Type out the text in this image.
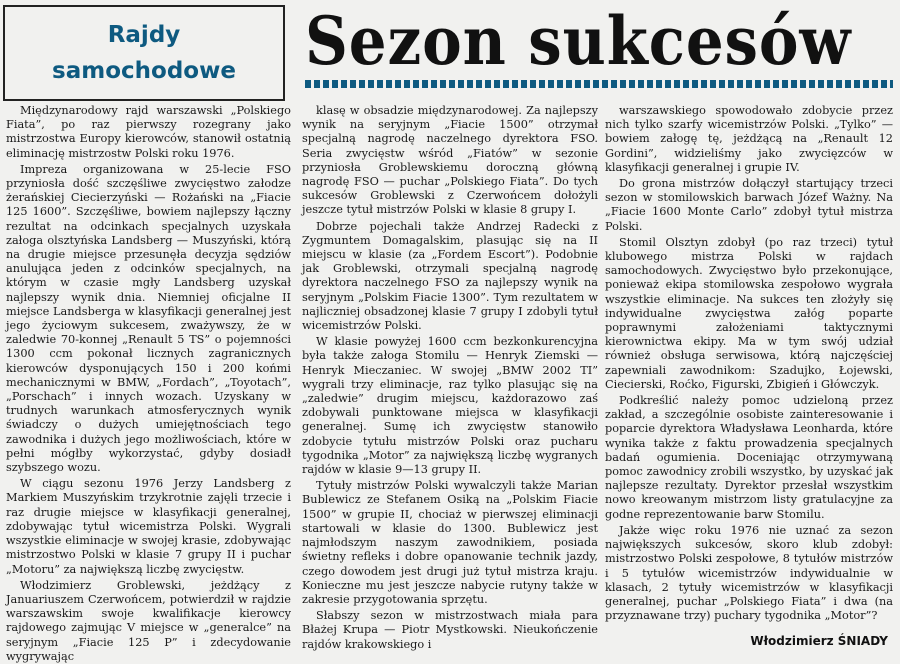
Rajdy
samochodowe Sezon sukcesów

Międzynarodowy rajd warszawski „Polskiego Fiata”, po raz pierwszy rozegrany jako mistrzostwa Europy kierowców, stanowił ostatnią eliminację mistrzostw Polski roku 1976.

Impreza organizowana w 25-lecie FSO przyniosła dość szczęśliwe zwycięstwo załodze żerańskiej Ciecierzyński — Rożański na „Fiacie 125 1600”. Szczęśliwe, bowiem najlepszy łączny rezultat na odcinkach specjalnych uzyskała załoga olsztyńska Landsberg — Muszyński, którą na drugie miejsce przesunęła decyzja sędziów anulująca jeden z odcinków specjalnych, na którym w czasie mgły Landsberg uzyskał najlepszy wynik dnia. Niemniej oficjalne II miejsce Landsberga w klasyfikacji generalnej jest jego życiowym sukcesem, zważywszy, że w zaledwie 70-konnej „Renault 5 TS” o pojemności 1300 ccm pokonał licznych zagranicznych kierowców dysponujących 150 i 200 końmi mechanicznymi w BMW, „Fordach”, „Toyotach”, „Porschach” i innych wozach. Uzyskany w trudnych warunkach atmosferycznych wynik świadczy o dużych umiejętnościach tego zawodnika i dużych jego możliwościach, które w pełni mógłby wykorzystać, gdyby dosiadł szybszego wozu.

W ciągu sezonu 1976 Jerzy Landsberg z Markiem Muszyńskim trzykrotnie zajęli trzecie i raz drugie miejsce w klasyfikacji generalnej, zdobywając tytuł wicemistrza Polski. Wygrali wszystkie eliminacje w swojej krasie, zdobywając mistrzostwo Polski w klasie 7 grupy II i puchar „Motoru” za największą liczbę zwycięstw.

Włodzimierz Groblewski, jeżdżący z Januariuszem Czerwońcem, potwierdził w rajdzie warszawskim swoje kwalifikacje kierowcy rajdowego zajmując V miejsce w „generalce” na seryjnym „Fiacie 125 P” i zdecydowanie wygrywając

klasę w obsadzie międzynarodowej. Za najlepszy wynik na seryjnym „Fiacie 1500” otrzymał specjalną nagrodę naczelnego dyrektora FSO. Seria zwycięstw wśród „Fiatów” w sezonie przyniosła Groblewskiemu doroczną główną nagrodę FSO — puchar „Polskiego Fiata”. Do tych sukcesów Groblewski z Czerwońcem dołożyli jeszcze tytuł mistrzów Polski w klasie 8 grupy I.

Dobrze pojechali także Andrzej Radecki z Zygmuntem Domagalskim, plasując się na II miejscu w klasie (za „Fordem Escort”). Podobnie jak Groblewski, otrzymali specjalną nagrodę dyrektora naczelnego FSO za najlepszy wynik na seryjnym „Polskim Fiacie 1300”. Tym rezultatem w najliczniej obsadzonej klasie 7 grupy I zdobyli tytuł wicemistrzów Polski.

W klasie powyżej 1600 ccm bezkonkurencyjna była także załoga Stomilu — Henryk Ziemski — Henryk Mieczaniec. W swojej „BMW 2002 TI” wygrali trzy eliminacje, raz tylko plasując się na „zaledwie” drugim miejscu, każdorazowo zaś zdobywali punktowane miejsca w klasyfikacji generalnej. Sumę ich zwycięstw stanowiło zdobycie tytułu mistrzów Polski oraz pucharu tygodnika „Motor” za największą liczbę wygranych rajdów w klasie 9—13 grupy II.

Tytuły mistrzów Polski wywalczyli także Marian Bublewicz ze Stefanem Osiką na „Polskim Fiacie 1500” w grupie II, chociaż w pierwszej eliminacji startowali w klasie do 1300. Bublewicz jest najmłodszym naszym zawodnikiem, posiada świetny refleks i dobre opanowanie technik jazdy, czego dowodem jest drugi już tytuł mistrza kraju. Konieczne mu jest jeszcze nabycie rutyny także w zakresie przygotowania sprzętu.

Słabszy sezon w mistrzostwach miała para Błażej Krupa — Piotr Mystkowski. Nieukończenie rajdów krakowskiego i

warszawskiego spowodowało zdobycie przez nich tylko szarfy wicemistrzów Polski. „Tylko” — bowiem załogę tę, jeżdżącą na „Renault 12 Gordini”, widzieliśmy jako zwycięzców w klasyfikacji generalnej i grupie IV.

Do grona mistrzów dołączył startujący trzeci sezon w stomilowskich barwach Józef Ważny. Na „Fiacie 1600 Monte Carlo” zdobył tytuł mistrza Polski.

Stomil Olsztyn zdobył (po raz trzeci) tytuł klubowego mistrza Polski w rajdach samochodowych. Zwycięstwo było przekonujące, ponieważ ekipa stomilowska zespołowo wygrała wszystkie eliminacje. Na sukces ten złożyły się indywidualne zwycięstwa załóg poparte poprawnymi założeniami taktycznymi kierownictwa ekipy. Ma w tym swój udział również obsługa serwisowa, którą najczęściej zapewniali zawodnikom: Szadujko, Łojewski, Ciecierski, Roćko, Figurski, Zbigień i Główczyk.

Podkreślić należy pomoc udzieloną przez zakład, a szczególnie osobiste zainteresowanie i poparcie dyrektora Władysława Leonharda, które wynika także z faktu prowadzenia specjalnych badań ogumienia. Doceniając otrzymywaną pomoc zawodnicy zrobili wszystko, by uzyskać jak najlepsze rezultaty. Dyrektor przesłał wszystkim nowo kreowanym mistrzom listy gratulacyjne za godne reprezentowanie barw Stomilu.

Jakże więc roku 1976 nie uznać za sezon największych sukcesów, skoro klub zdobył: mistrzostwo Polski zespołowe, 8 tytułów mistrzów i 5 tytułów wicemistrzów indywidualnie w klasach, 2 tytuły wicemistrzów w klasyfikacji generalnej, puchar „Polskiego Fiata” i dwa (na przyznawane trzy) puchary tygodnika „Motor”?

Włodzimierz ŚNIADY
